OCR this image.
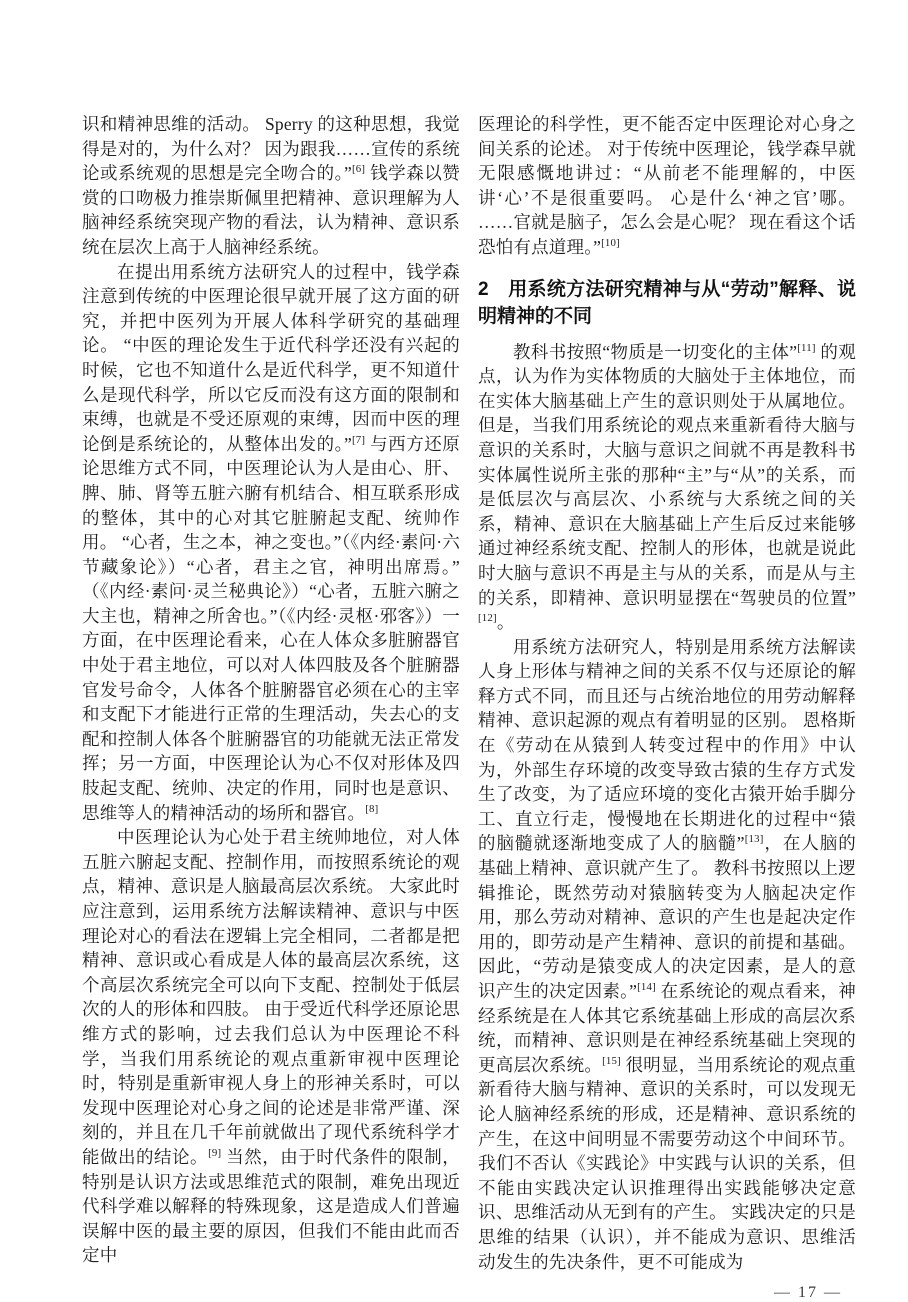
识和精神思维的活动。 Sperry 的这种思想，我觉得是对的，为什么对？ 因为跟我……宣传的系统论或系统观的思想是完全吻合的。”[6] 钱学森以赞赏的口吻极力推崇斯佩里把精神、意识理解为人脑神经系统突现产物的看法，认为精神、意识系统在层次上高于人脑神经系统。

在提出用系统方法研究人的过程中，钱学森注意到传统的中医理论很早就开展了这方面的研究，并把中医列为开展人体科学研究的基础理论。 “中医的理论发生于近代科学还没有兴起的时候，它也不知道什么是近代科学，更不知道什么是现代科学，所以它反而没有这方面的限制和束缚，也就是不受还原观的束缚，因而中医的理论倒是系统论的，从整体出发的。”[7] 与西方还原论思维方式不同，中医理论认为人是由心、肝、脾、肺、肾等五脏六腑有机结合、相互联系形成的整体，其中的心对其它脏腑起支配、统帅作用。 “心者，生之本，神之变也。”（《内经·素问·六节藏象论》）“心者，君主之官，神明出席焉。”（《内经·素问·灵兰秘典论》）“心者，五脏六腑之大主也，精神之所舍也。”（《内经·灵枢·邪客》）一方面，在中医理论看来，心在人体众多脏腑器官中处于君主地位，可以对人体四肢及各个脏腑器官发号命令，人体各个脏腑器官必须在心的主宰和支配下才能进行正常的生理活动，失去心的支配和控制人体各个脏腑器官的功能就无法正常发挥；另一方面，中医理论认为心不仅对形体及四肢起支配、统帅、决定的作用，同时也是意识、思维等人的精神活动的场所和器官。[8]

中医理论认为心处于君主统帅地位，对人体五脏六腑起支配、控制作用，而按照系统论的观点，精神、意识是人脑最高层次系统。 大家此时应注意到，运用系统方法解读精神、意识与中医理论对心的看法在逻辑上完全相同，二者都是把精神、意识或心看成是人体的最高层次系统，这个高层次系统完全可以向下支配、控制处于低层次的人的形体和四肢。 由于受近代科学还原论思维方式的影响，过去我们总认为中医理论不科学，当我们用系统论的观点重新审视中医理论时，特别是重新审视人身上的形神关系时，可以发现中医理论对心身之间的论述是非常严谨、深刻的，并且在几千年前就做出了现代系统科学才能做出的结论。[9] 当然，由于时代条件的限制，特别是认识方法或思维范式的限制，难免出现近代科学难以解释的特殊现象，这是造成人们普遍误解中医的最主要的原因，但我们不能由此而否定中

医理论的科学性，更不能否定中医理论对心身之间关系的论述。 对于传统中医理论，钱学森早就无限感慨地讲过：“从前老不能理解的，中医讲‘心’不是很重要吗。 心是什么‘神之官’哪。 ……官就是脑子，怎么会是心呢？ 现在看这个话恐怕有点道理。”[10]

2　用系统方法研究精神与从“劳动”解释、说明精神的不同

教科书按照“物质是一切变化的主体”[11] 的观点，认为作为实体物质的大脑处于主体地位，而在实体大脑基础上产生的意识则处于从属地位。 但是，当我们用系统论的观点来重新看待大脑与意识的关系时，大脑与意识之间就不再是教科书实体属性说所主张的那种“主”与“从”的关系，而是低层次与高层次、小系统与大系统之间的关系，精神、意识在大脑基础上产生后反过来能够通过神经系统支配、控制人的形体，也就是说此时大脑与意识不再是主与从的关系，而是从与主的关系，即精神、意识明显摆在“驾驶员的位置”[12]。

用系统方法研究人，特别是用系统方法解读人身上形体与精神之间的关系不仅与还原论的解释方式不同，而且还与占统治地位的用劳动解释精神、意识起源的观点有着明显的区别。 恩格斯在《劳动在从猿到人转变过程中的作用》中认为，外部生存环境的改变导致古猿的生存方式发生了改变，为了适应环境的变化古猿开始手脚分工、直立行走，慢慢地在长期进化的过程中“猿的脑髓就逐渐地变成了人的脑髓”[13]，在人脑的基础上精神、意识就产生了。 教科书按照以上逻辑推论，既然劳动对猿脑转变为人脑起决定作用，那么劳动对精神、意识的产生也是起决定作用的，即劳动是产生精神、意识的前提和基础。 因此，“劳动是猿变成人的决定因素，是人的意识产生的决定因素。”[14] 在系统论的观点看来，神经系统是在人体其它系统基础上形成的高层次系统，而精神、意识则是在神经系统基础上突现的更高层次系统。[15] 很明显，当用系统论的观点重新看待大脑与精神、意识的关系时，可以发现无论人脑神经系统的形成，还是精神、意识系统的产生，在这中间明显不需要劳动这个中间环节。 我们不否认《实践论》中实践与认识的关系，但不能由实践决定认识推理得出实践能够决定意识、思维活动从无到有的产生。 实践决定的只是思维的结果（认识），并不能成为意识、思维活动发生的先决条件，更不可能成为

— 17 —
